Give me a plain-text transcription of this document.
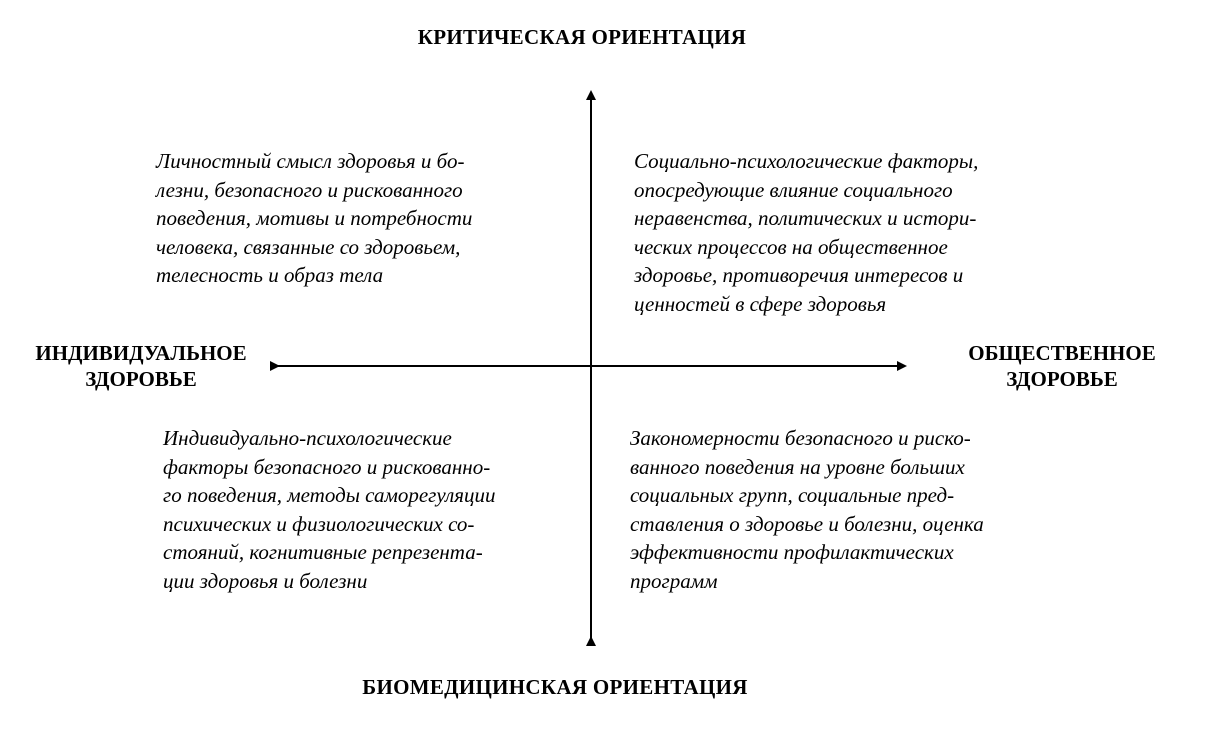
КРИТИЧЕСКАЯ ОРИЕНТАЦИЯ
ИНДИВИДУАЛЬНОЕ
ЗДОРОВЬЕ
ОБЩЕСТВЕННОЕ
ЗДОРОВЬЕ
БИОМЕДИЦИНСКАЯ ОРИЕНТАЦИЯ
Личностный смысл здоровья и бо-
лезни, безопасного и рискованного
поведения, мотивы и потребности
человека, связанные со здоровьем,
телесность и образ тела
Социально-психологические факторы,
опосредующие влияние социального
неравенства, политических и истори-
ческих процессов на общественное
здоровье, противоречия интересов и
ценностей в сфере здоровья
Индивидуально-психологические
факторы безопасного и рискованно-
го поведения, методы саморегуляции
психических и физиологических со-
стояний, когнитивные репрезента-
ции здоровья и болезни
Закономерности безопасного и риско-
ванного поведения на уровне больших
социальных групп, социальные пред-
ставления о здоровье и болезни, оценка
эффективности профилактических
программ
